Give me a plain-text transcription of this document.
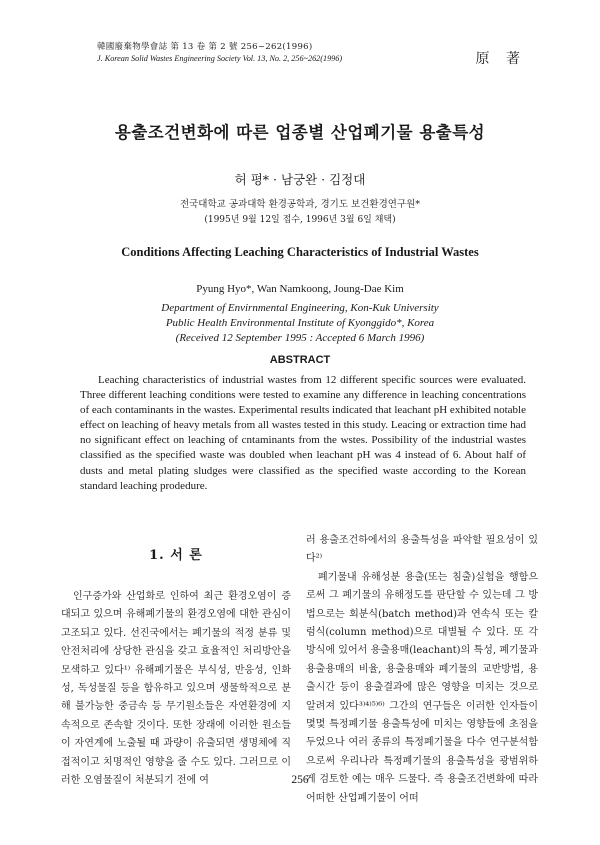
韓國廢棄物學會誌 第 13 卷 第 2 號 256~262(1996)

J. Korean Solid Wastes Engineering Society Vol. 13, No. 2, 256~262(1996)	原 著
용출조건변화에 따른 업종별 산업폐기물 용출특성

허 평* · 남궁완 · 김정대

전국대학교 공과대학 환경공학과, 경기도 보건환경연구원*

(1995년 9월 12일 접수, 1996년 3월 6일 채택)

Conditions Affecting Leaching Characteristics of Industrial Wastes

Pyung Hyo*, Wan Namkoong, Joung-Dae Kim

Department of Envirnmental Engineering, Kon-Kuk University
Public Health Environmental Institute of Kyonggido*, Korea
(Received 12 September 1995 : Accepted 6 March 1996)
ABSTRACT

Leaching characteristics of industrial wastes from 12 different specific sources were evaluated. Three different leaching conditions were tested to examine any difference in leaching concentrations of each contaminants in the wastes. Experimental results indicated that leachant pH exhibited notable effect on leaching of heavy metals from all wastes tested in this study. Leacing or extraction time had no significant effect on leaching of cntaminants from the wstes. Possibility of the industrial wastes classified as the specified waste was doubled when leachant pH was 4 instead of 6. About half of dusts and metal plating sludges were classified as the specified waste according to the Korean standard leaching prodedure.

1. 서 론

인구증가와 산업화로 인하여 최근 환경오염이 증대되고 있으며 유해폐기물의 환경오염에 대한 관심이 고조되고 있다. 선진국에서는 폐기물의 적정 분류 및 안전처리에 상당한 관심을 갖고 효율적인 처리방안을 모색하고 있다¹⁾ 유해폐기물은 부식성, 반응성, 인화성, 독성물질 등을 함유하고 있으며 생물학적으로 분해 불가능한 중금속 등 무기원소들은 자연환경에 지속적으로 존속할 것이다. 또한 장래에 이러한 원소들이 자연계에 노출될 때 과량이 유출되면 생명체에 직접적이고 치명적인 영향을 줄 수도 있다. 그러므로 이러한 오염물질이 처분되기 전에 여

러 용출조건하에서의 용출특성을 파악할 필요성이 있다²⁾

폐기물내 유해성분 용출(또는 침출)실험을 행함으로써 그 폐기물의 유해정도를 판단할 수 있는데 그 방법으로는 회분식(batch method)과 연속식 또는 칼럼식(column method)으로 대별될 수 있다. 또 각 방식에 있어서 용출용매(leachant)의 특성, 폐기물과 용출용매의 비율, 용출용매와 폐기물의 교반방법, 용출시간 등이 용출결과에 많은 영향을 미치는 것으로 알려져 있다³⁾⁴⁾⁵⁾⁶⁾ 그간의 연구들은 이러한 인자들이 몇몇 특정폐기물 용출특성에 미치는 영향들에 초점을 두었으나 여러 종류의 특정폐기물을 다수 연구분석함으로써 우리나라 특정폐기물의 용출특성을 광범위하게 검토한 예는 매우 드물다. 즉 용출조건변화에 따라 어떠한 산업폐기물이 어떠

256
